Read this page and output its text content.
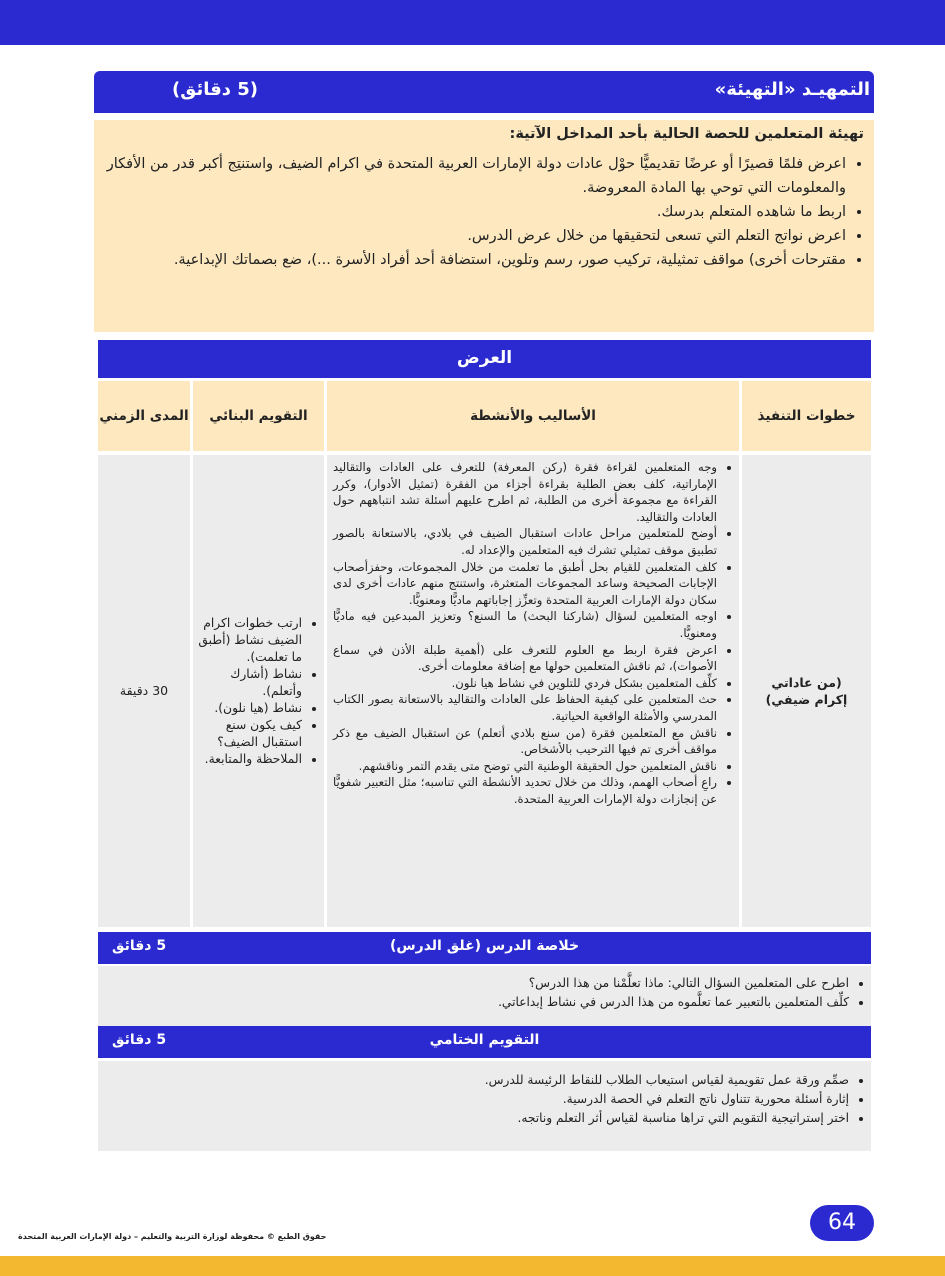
التمهيـد «التهيئة»
(5 دقائق)
تهيئة المتعلمين للحصة الحالية بأحد المداخل الآتية:
• اعرض فلمًا قصيرًا أو عرضًا تقديميًّا حوْل عادات دولة الإمارات العربية المتحدة في اكرام الضيف، واستنتِج أكبر قدر من الأفكار والمعلومات التي توحي بها المادة المعروضة.
• اربط ما شاهده المتعلم بدرسك.
• اعرض نواتج التعلم التي تسعى لتحقيقها من خلال عرض الدرس.
• مقترحات أخرى) مواقف تمثيلية، تركيب صور، رسم وتلوين، استضافة أحد أفراد الأسرة ...)، ضع بصماتك الإبداعية.
العرض
خطوات التنفيذ
الأساليب والأنشطة
التقويم البنائي
المدى الزمني
(من عاداتي إكرام ضيفي)
• وجه المتعلمين لقراءة فقرة (ركن المعرفة) للتعرف على العادات والتقاليد الإماراتية، كلف بعض الطلبة بقراءة أجزاء من الفقرة (تمثيل الأدوار)، وكرر القراءة مع مجموعة أخرى من الطلبة، ثم اطرح عليهم أسئلة تشد انتباههم حول العادات والتقاليد.
• أوضح للمتعلمين مراحل عادات استقبال الضيف في بلادي، بالاستعانة بالصور تطبيق موقف تمثيلي تشرك فيه المتعلمين والإعداد له.
• كلف المتعلمين للقيام بحل أطبق ما تعلمت من خلال المجموعات، وحفزأصحاب الإجابات الصحيحة وساعد المجموعات المتعثرة، واستنتج منهم عادات أخرى لدى سكان دولة الإمارات العربية المتحدة وتعزِّز إجاباتهم ماديًّا ومعنويًّا.
• اوجه المتعلمين لسؤال (شاركنا البحث) ما السنع؟ وتعزيز المبدعين فيه ماديًّا ومعنويًّا.
• اعرض فقرة اربط مع العلوم للتعرف على (أهمية طبلة الأذن في سماع الأصوات)، ثم ناقش المتعلمين حولها مع إضافة معلومات أخرى.
• كلِّف المتعلمين بشكل فردي للتلوين في نشاط هيا نلون.
• حث المتعلمين على كيفية الحفاظ على العادات والتقاليد بالاستعانة بصور الكتاب المدرسي والأمثلة الواقعية الحياتية.
• ناقش مع المتعلمين فقرة (من سنع بلادي أتعلم) عن استقبال الضيف مع ذكر مواقف أخرى تم فيها الترحيب بالأشخاص.
• ناقش المتعلمين حول الحقيقة الوطنية التي توضح متى يقدم التمر وناقشهم.
• راعِ أصحاب الهمم، وذلك من خلال تحديد الأنشطة التي تناسبه؛ مثل التعبير شفويًّا عن إنجازات دولة الإمارات العربية المتحدة.
• ارتب خطوات اكرام الضيف نشاط (أطبق ما تعلمت).
• نشاط (أشارك وأتعلم).
• نشاط (هيا نلون).
• كيف يكون سنع استقبال الضيف؟
• الملاحظة والمتابعة.
30 دقيقة
خلاصة الدرس (غلق الدرس)
5 دقائق
• اطرح على المتعلمين السؤال التالي: ماذا تعلَّمْنا من هذا الدرس؟
• كلِّف المتعلمين بالتعبير عما تعلَّموه من هذا الدرس في نشاط إبداعاتي.
التقويم الختامي
5 دقائق
• صمِّم ورقة عمل تقويمية لقياس استيعاب الطلاب للنقاط الرئيسة للدرس.
• إثارة أسئلة محورية تتناول ناتج التعلم في الحصة الدرسية.
• اختر إستراتيجية التقويم التي تراها مناسبة لقياس أثر التعلم وناتجه.
64
حقوق الطبع © محفوظة لوزارة التربية والتعليم – دولة الإمارات العربية المتحدة
